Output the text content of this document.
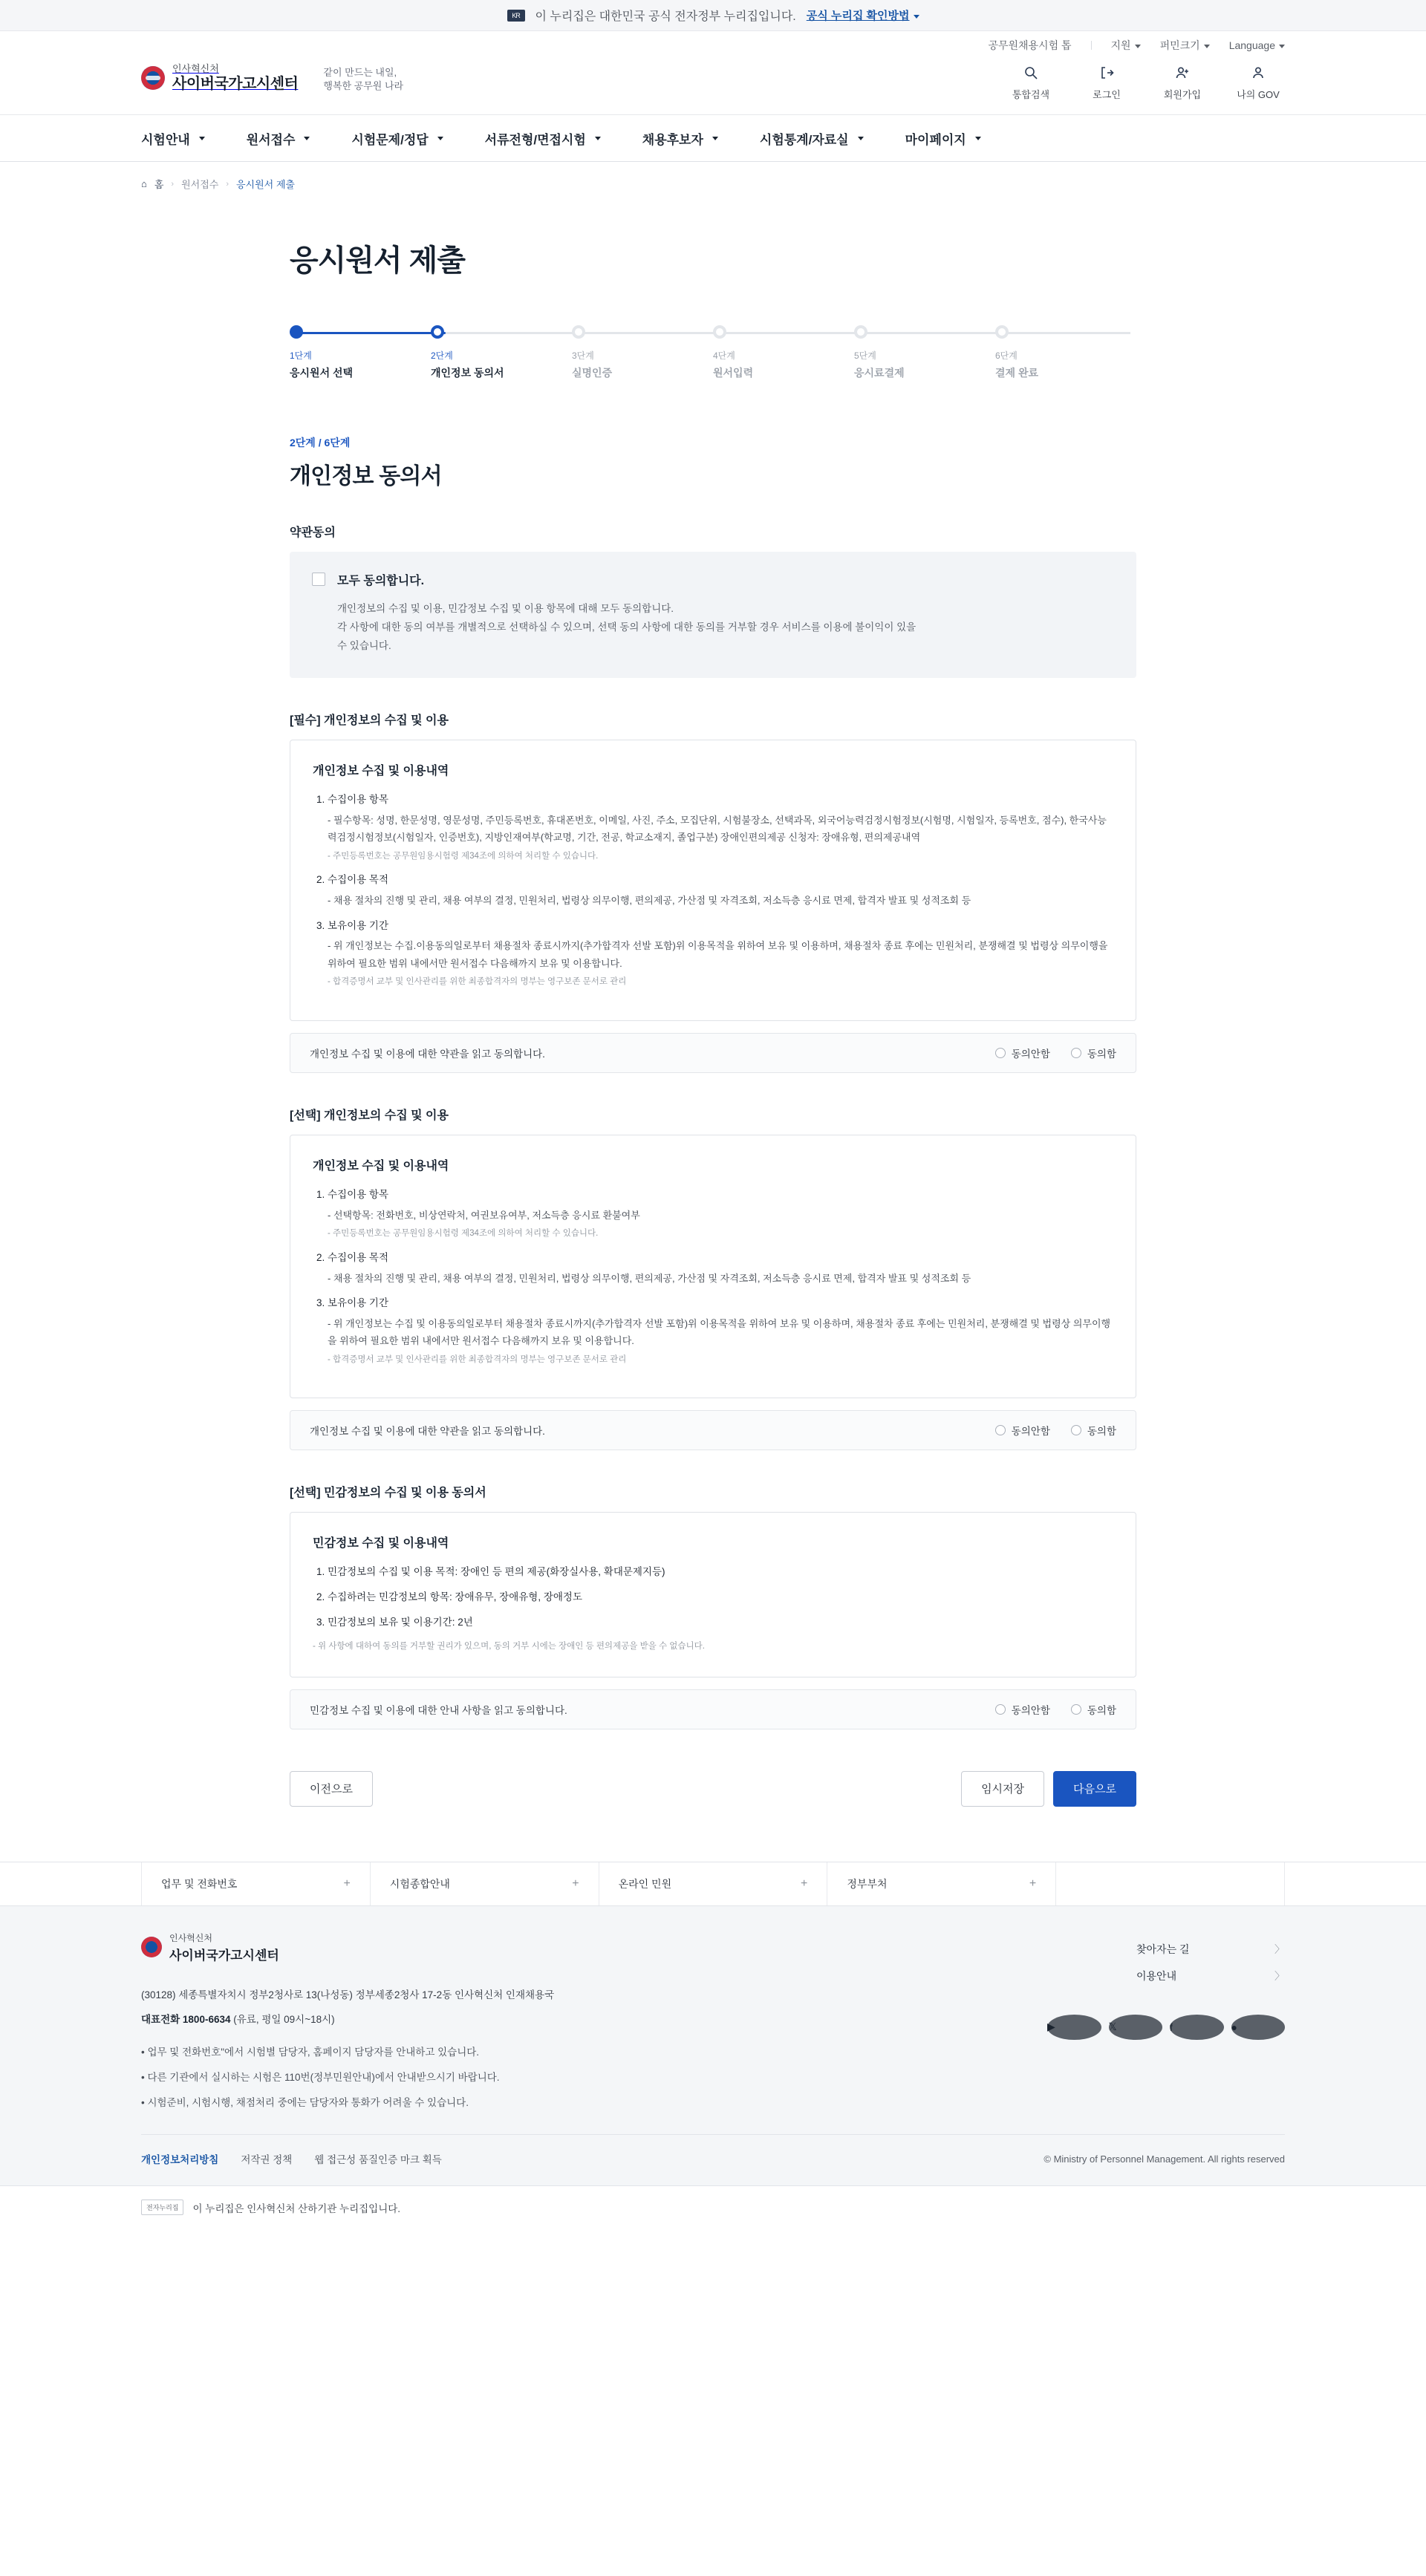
KR	이 누리집은 대한민국 공식 전자정부 누리집입니다. 공식 누리집 확인방법
공무원채용시험 톱	지원	퍼민크기	Language
인사혁신처
사이버국가고시센터
같이 만드는 내일,
행복한 공무원 나라
통합검색	로그인	회원가입	나의 GOV
시험안내	원서접수	시험문제/정답	서류전형/면접시험	채용후보자	시험통계/자료실	마이페이지
⌂ 홈 › 원서접수 › 응시원서 제출
응시원서 제출
1단계
응시원서 선택
2단계
개인정보 동의서
3단계
실명인증
4단계
원서입력
5단계
응시료결제
6단계
결제 완료
2단계 / 6단계
개인정보 동의서
약관동의
모두 동의합니다.
개인정보의 수집 및 이용, 민감정보 수집 및 이용 항목에 대해 모두 동의합니다.
각 사항에 대한 동의 여부를 개별적으로 선택하실 수 있으며, 선택 동의 사항에 대한 동의를 거부할 경우 서비스를 이용에 불이익이 있을
수 있습니다.
[필수] 개인정보의 수집 및 이용
개인정보 수집 및 이용내역
1. 수집이용 항목
- 필수항목: 성명, 한문성명, 영문성명, 주민등록번호, 휴대폰번호, 이메일, 사진, 주소, 모집단위, 시험불장소, 선택과목, 외국어능력검정시험정보(시험명, 시험일자, 등록번호, 점수), 한국사능력검정시험정보(시험일자, 인증번호), 지방인재여부(학교명, 기간, 전공, 학교소재지, 졸업구분) 장애인편의제공 신청자: 장애유형, 편의제공내역
- 주민등록번호는 공무원임용시험령 제34조에 의하여 처리할 수 있습니다.
2. 수집이용 목적
- 채용 절차의 진행 및 관리, 채용 여부의 결정, 민원처리, 법령상 의무이행, 편의제공, 가산점 및 자격조회, 저소득층 응시료 면제, 합격자 발표 및 성적조회 등
3. 보유이용 기간
- 위 개인정보는 수집.이용동의일로부터 채용절차 종료시까지(추가합격자 선발 포함)위 이용목적을 위하여 보유 및 이용하며, 채용절차 종료 후에는 민원처리, 분쟁해결 및 법령상 의무이행을 위하여 필요한 범위 내에서만 원서접수 다음해까지 보유 및 이용합니다.
- 합격증명서 교부 및 인사관리를 위한 최종합격자의 명부는 영구보존 문서로 관리
개인정보 수집 및 이용에 대한 약관을 읽고 동의합니다.	동의안함	동의함
[선택] 개인정보의 수집 및 이용
개인정보 수집 및 이용내역
1. 수집이용 항목
- 선택항목: 전화번호, 비상연락처, 여권보유여부, 저소득층 응시료 환불여부
- 주민등록번호는 공무원임용시험령 제34조에 의하여 처리할 수 있습니다.
2. 수집이용 목적
- 채용 절차의 진행 및 관리, 채용 여부의 결정, 민원처리, 법령상 의무이행, 편의제공, 가산점 및 자격조회, 저소득층 응시료 면제, 합격자 발표 및 성적조회 등
3. 보유이용 기간
- 위 개인정보는 수집 및 이용동의일로부터 채용절차 종료시까지(추가합격자 선발 포함)위 이용목적을 위하여 보유 및 이용하며, 채용절차 종료 후에는 민원처리, 분쟁해결 및 법령상 의무이행을 위하여 필요한 범위 내에서만 원서접수 다음해까지 보유 및 이용합니다.
- 합격증명서 교부 및 인사관리를 위한 최종합격자의 명부는 영구보존 문서로 관리
개인정보 수집 및 이용에 대한 약관을 읽고 동의합니다.	동의안함	동의함
[선택] 민감정보의 수집 및 이용 동의서
민감정보 수집 및 이용내역
1. 민감정보의 수집 및 이용 목적: 장애인 등 편의 제공(화장실사용, 확대문제지등)
2. 수집하려는 민감정보의 항목: 장애유무, 장애유형, 장애정도
3. 민감정보의 보유 및 이용기간: 2년
- 위 사항에 대하여 동의를 거부할 권리가 있으며, 동의 거부 시에는 장애인 등 편의제공을 받을 수 없습니다.
민감정보 수집 및 이용에 대한 안내 사항을 읽고 동의합니다.	동의안함	동의함
이전으로	임시저장	다음으로
업무 및 전화번호	+	시험종합안내	+	온라인 민원	+	정부부처	+
인사혁신처
사이버국가고시센터
(30128) 세종특별자치시 정부2청사로 13(나성동) 정부세종2청사 17-2동 인사혁신처 인재채용국
대표전화 1800-6634 (유료, 평일 09시~18시)
• 업무 및 전화번호"에서 시험별 담당자, 홈페이지 담당자를 안내하고 있습니다.
• 다른 기관에서 실시하는 시험은 110번(정부민원안내)에서 안내받으시기 바랍니다.
• 시험준비, 시험시행, 채점처리 중에는 담당자와 통화가 어려울 수 있습니다.
찾아자는 길	〉
이용안내	〉
▶	𝕏	f	●
개인정보처리방침 저작권 정책 웹 접근성 품질인증 마크 획득	© Ministry of Personnel Management. All rights reserved
전자누리집	이 누리집은 인사혁신처 산하기관 누리집입니다.
